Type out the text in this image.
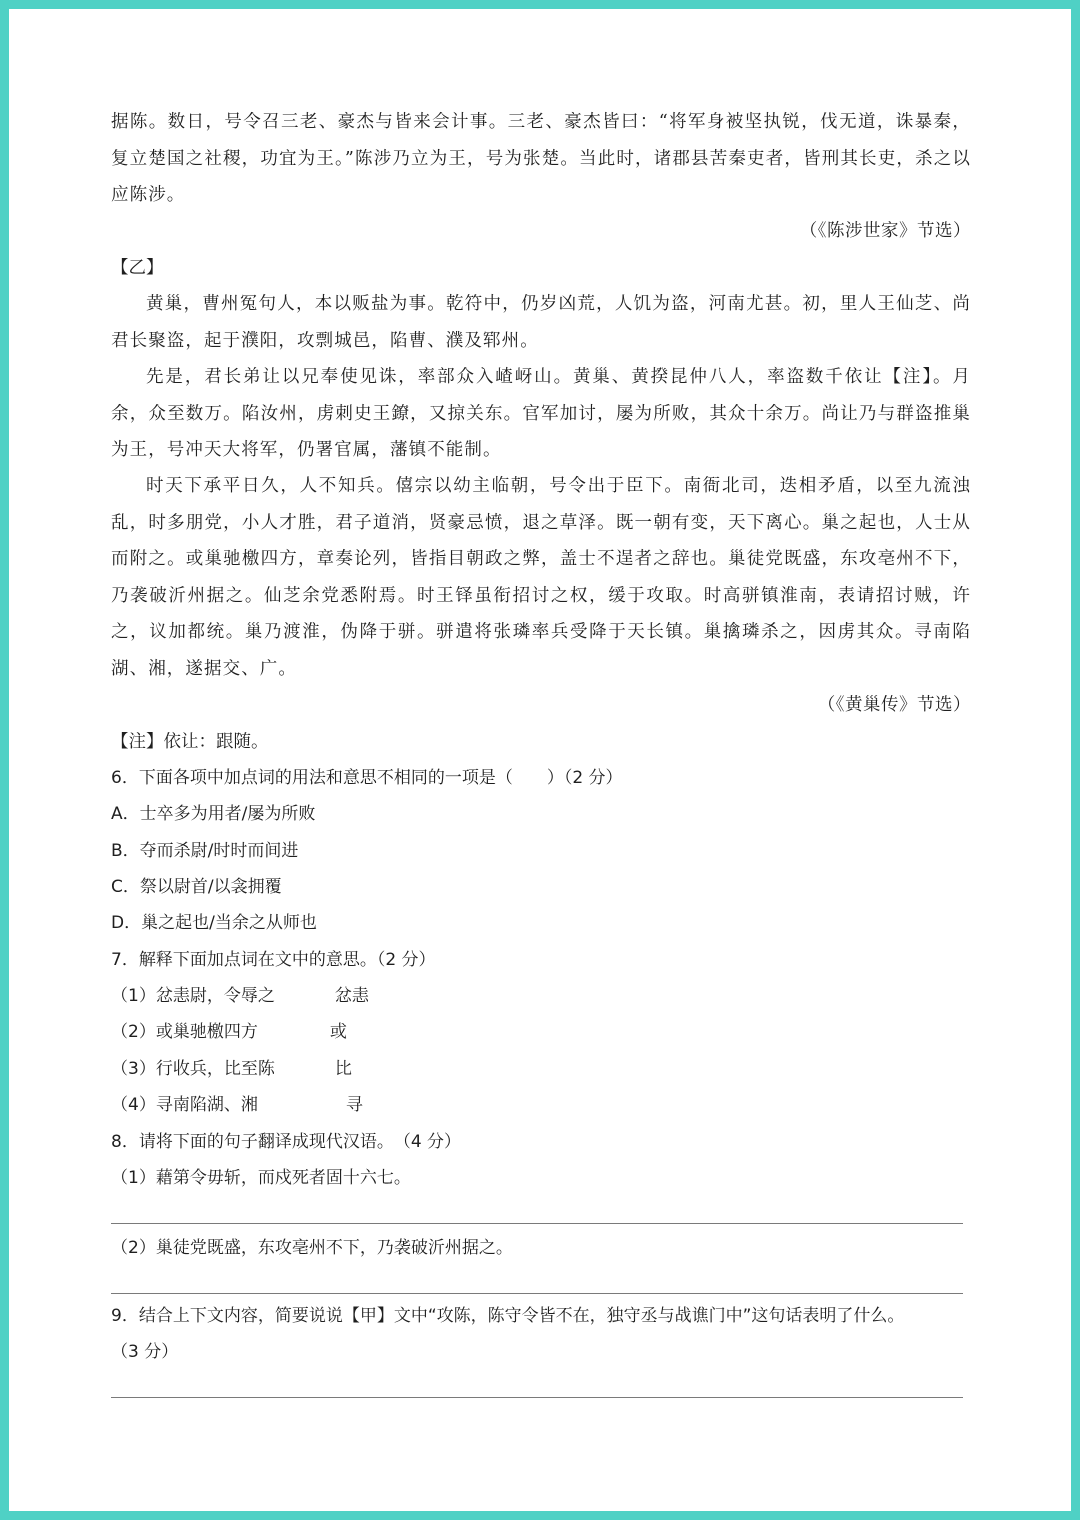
据陈。数日，号令召三老、豪杰与皆来会计事。三老、豪杰皆曰：“将军身被坚执锐，伐无道，诛暴秦，复立楚国之社稷，功宜为王。”陈涉乃立为王，号为张楚。当此时，诸郡县苦秦吏者，皆刑其长吏，杀之以应陈涉。
（《陈涉世家》节选）
【乙】
黄巢，曹州冤句人，本以贩盐为事。乾符中，仍岁凶荒，人饥为盗，河南尤甚。初，里人王仙芝、尚君长聚盗，起于濮阳，攻剽城邑，陷曹、濮及郓州。
先是，君长弟让以兄奉使见诛，率部众入嵖岈山。黄巢、黄揆昆仲八人，率盗数千依让【注】。月余，众至数万。陷汝州，虏刺史王鐐，又掠关东。官军加讨，屡为所败，其众十余万。尚让乃与群盗推巢为王，号冲天大将军，仍署官属，藩镇不能制。
时天下承平日久，人不知兵。僖宗以幼主临朝，号令出于臣下。南衙北司，迭相矛盾，以至九流浊乱，时多朋党，小人才胜，君子道消，贤豪忌愤，退之草泽。既一朝有变，天下离心。巢之起也，人士从而附之。或巢驰檄四方，章奏论列，皆指目朝政之弊，盖士不逞者之辞也。巢徒党既盛，东攻亳州不下，乃袭破沂州据之。仙芝余党悉附焉。时王铎虽衔招讨之权，缓于攻取。时高骈镇淮南，表请招讨贼，许之，议加都统。巢乃渡淮，伪降于骈。骈遣将张璘率兵受降于天长镇。巢擒璘杀之，因虏其众。寻南陷湖、湘，遂据交、广。
（《黄巢传》节选）
【注】依让：跟随。
6．下面各项中加点词的用法和意思不相同的一项是（　　）（2 分）
A．士卒多为用者/屡为所败
B．夺而杀尉/时时而间进
C．祭以尉首/以衾拥覆
D．巢之起也/当余之从师也
7．解释下面加点词在文中的意思。（2 分）
（1）忿恚尉，令辱之	忿恚
（2）或巢驰檄四方	或
（3）行收兵，比至陈	比
（4）寻南陷湖、湘	寻
8．请将下面的句子翻译成现代汉语。　（4 分）
（1）藉第令毋斩，而戍死者固十六七。
（2）巢徒党既盛，东攻亳州不下，乃袭破沂州据之。
9．结合上下文内容，简要说说【甲】文中“攻陈，陈守令皆不在，独守丞与战谯门中”这句话表明了什么。
（3 分）
